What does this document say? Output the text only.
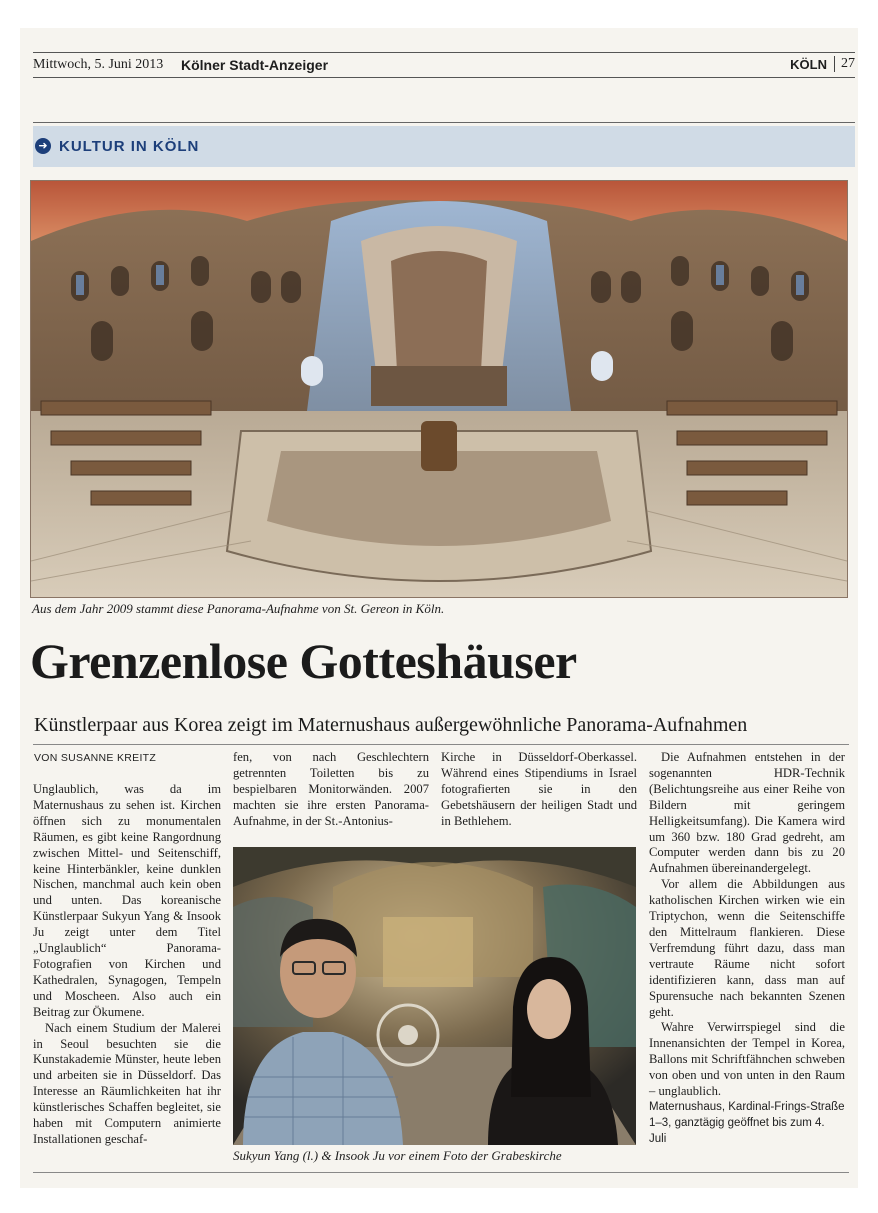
Mittwoch, 5. Juni 2013 Kölner Stadt-Anzeiger	KÖLN	27
➜ KULTUR IN KÖLN
Aus dem Jahr 2009 stammt diese Panorama-Aufnahme von St. Gereon in Köln.
Grenzenlose Gotteshäuser
Künstlerpaar aus Korea zeigt im Maternushaus außergewöhnliche Panorama-Aufnahmen
VON SUSANNE KREITZ

Unglaublich, was da im Maternushaus zu sehen ist. Kirchen öffnen sich zu monumentalen Räumen, es gibt keine Rangordnung zwischen Mittel- und Seitenschiff, keine Hinterbänkler, keine dunklen Nischen, manchmal auch kein oben und unten. Das koreanische Künstlerpaar Sukyun Yang & Insook Ju zeigt unter dem Titel „Unglaublich“ Panorama-Fotografien von Kirchen und Kathedralen, Synagogen, Tempeln und Moscheen. Also auch ein Beitrag zur Ökumene.

Nach einem Studium der Malerei in Seoul besuchten sie die Kunstakademie Münster, heute leben und arbeiten sie in Düsseldorf. Das Interesse an Räumlichkeiten hat ihr künstlerisches Schaffen begleitet, sie haben mit Computern animierte Installationen geschaf-

fen, von nach Geschlechtern getrennten Toiletten bis zu bespielbaren Monitorwänden. 2007 machten sie ihre ersten Panorama-Aufnahme, in der St.-Antonius-

Kirche in Düsseldorf-Oberkassel. Während eines Stipendiums in Israel fotografierten sie in den Gebetshäusern der heiligen Stadt und in Bethlehem.

Sukyun Yang (l.) & Insook Ju vor einem Foto der Grabeskirche

Die Aufnahmen entstehen in der sogenannten HDR-Technik (Belichtungsreihe aus einer Reihe von Bildern mit geringem Helligkeitsumfang). Die Kamera wird um 360 bzw. 180 Grad gedreht, am Computer werden dann bis zu 20 Aufnahmen übereinandergelegt.

Vor allem die Abbildungen aus katholischen Kirchen wirken wie ein Triptychon, wenn die Seitenschiffe den Mittelraum flankieren. Diese Verfremdung führt dazu, dass man vertraute Räume nicht sofort identifizieren kann, dass man auf Spurensuche nach bekannten Szenen geht.

Wahre Verwirrspiegel sind die Innenansichten der Tempel in Korea, Ballons mit Schriftfähnchen schweben von oben und von unten in den Raum – unglaublich.

Maternushaus, Kardinal-Frings-Straße 1–3, ganztägig geöffnet bis zum 4. Juli
